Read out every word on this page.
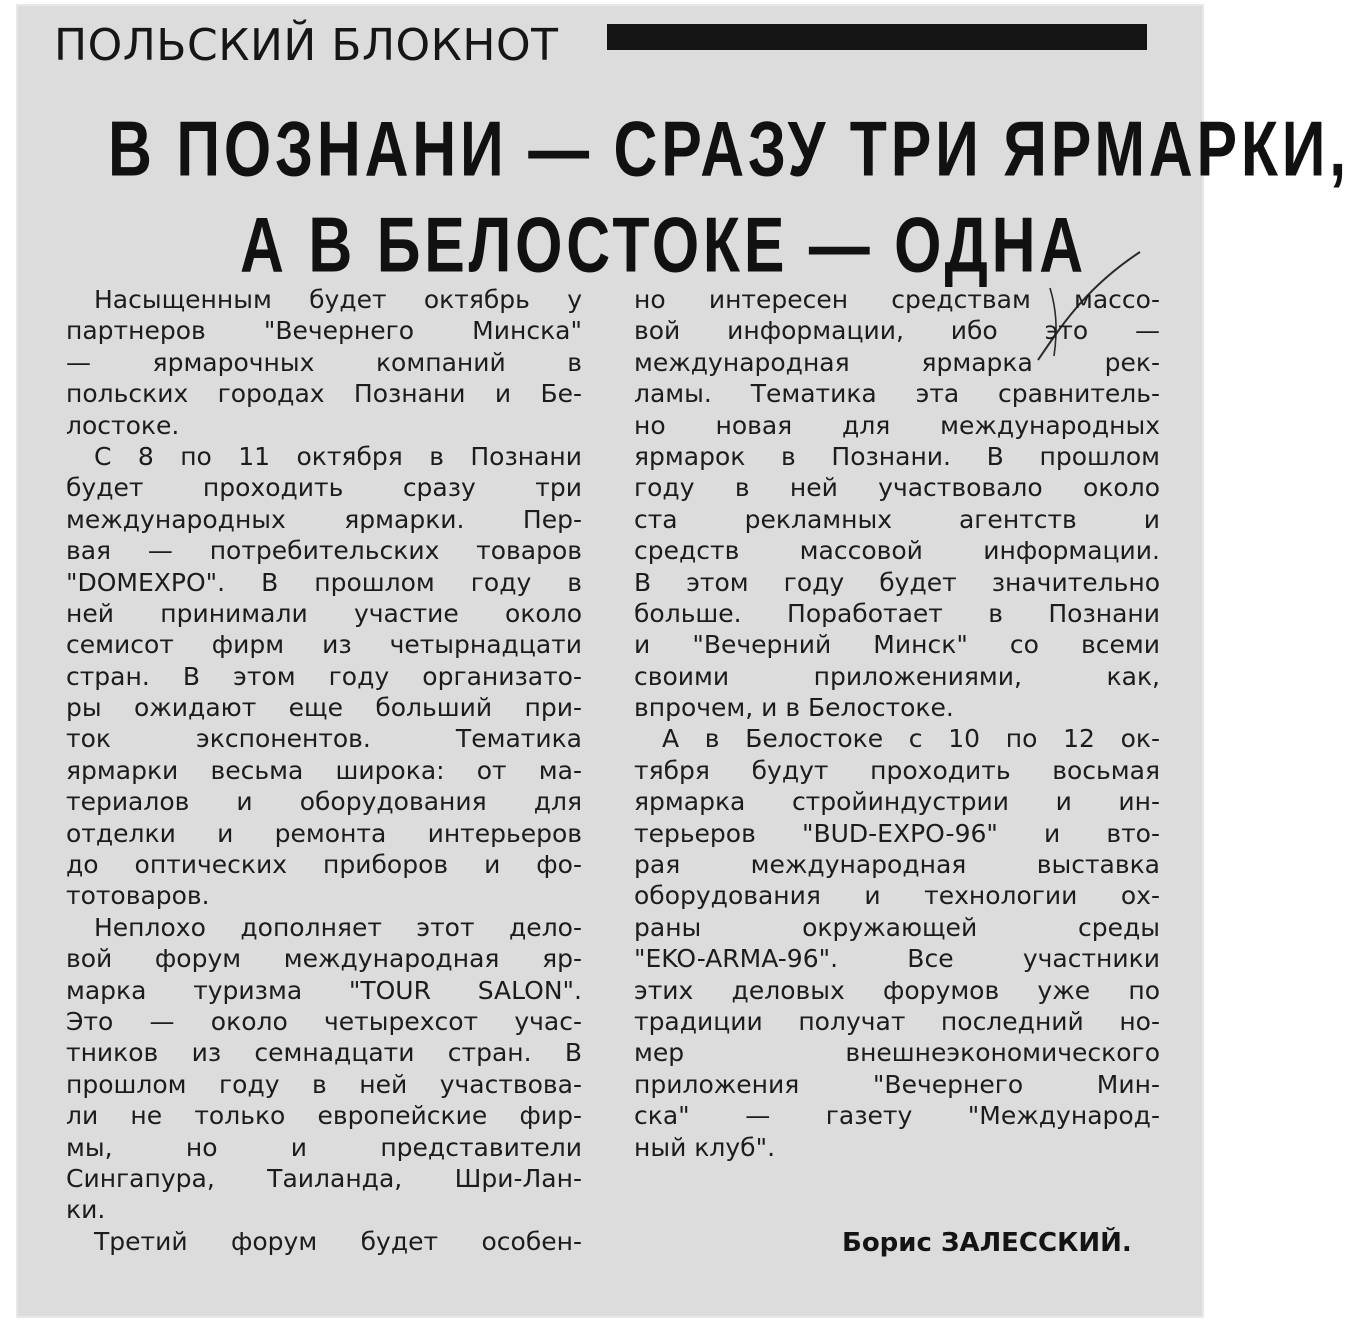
ПОЛЬСКИЙ БЛОКНОТ
В ПОЗНАНИ — СРАЗУ ТРИ ЯРМАРКИ,
А В БЕЛОСТОКЕ — ОДНА
Насыщенным будет октябрь у
партнеров "Вечернего Минска"
— ярмарочных компаний в
польских городах Познани и Бе-
лостоке.
С 8 по 11 октября в Познани
будет проходить сразу три
международных ярмарки. Пер-
вая — потребительских товаров
"DOMEXPO". В прошлом году в
ней принимали участие около
семисот фирм из четырнадцати
стран. В этом году организато-
ры ожидают еще больший при-
ток экспонентов. Тематика
ярмарки весьма широка: от ма-
териалов и оборудования для
отделки и ремонта интерьеров
до оптических приборов и фо-
тотоваров.
Неплохо дополняет этот дело-
вой форум международная яр-
марка туризма "TOUR SALON".
Это — около четырехсот учас-
тников из семнадцати стран. В
прошлом году в ней участвова-
ли не только европейские фир-
мы, но и представители
Сингапура, Таиланда, Шри-Лан-
ки.
Третий форум будет особен-
но интересен средствам массо-
вой информации, ибо это —
международная ярмарка рек-
ламы. Тематика эта сравнитель-
но новая для международных
ярмарок в Познани. В прошлом
году в ней участвовало около
ста рекламных агентств и
средств массовой информации.
В этом году будет значительно
больше. Поработает в Познани
и "Вечерний Минск" со всеми
своими приложениями, как,
впрочем, и в Белостоке.
А в Белостоке с 10 по 12 ок-
тября будут проходить восьмая
ярмарка стройиндустрии и ин-
терьеров "BUD-EXPO-96" и вто-
рая международная выставка
оборудования и технологии ох-
раны окружающей среды
"EKO-ARMA-96". Все участники
этих деловых форумов уже по
традиции получат последний но-
мер внешнеэкономического
приложения "Вечернего Мин-
ска" — газету "Международ-
ный клуб".
Борис ЗАЛЕССКИЙ.
